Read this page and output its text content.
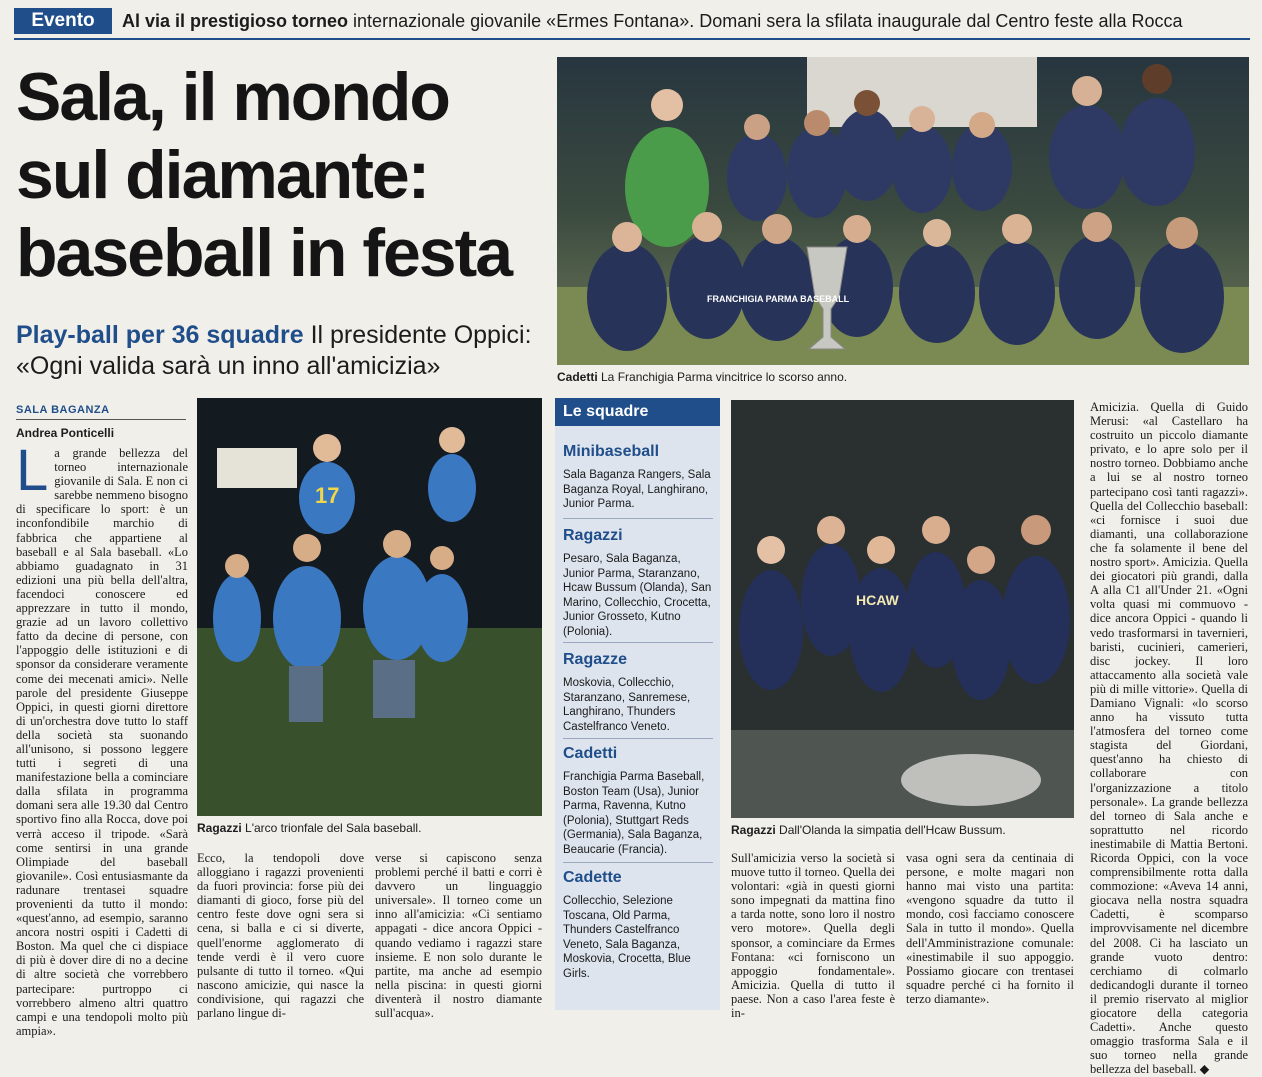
Evento	Al via il prestigioso torneo internazionale giovanile «Ermes Fontana». Domani sera la sfilata inaugurale dal Centro feste alla Rocca
Sala, il mondo
sul diamante:
baseball in festa

Play-ball per 36 squadre Il presidente Oppici: «Ogni valida sarà un inno all'amicizia»

FRANCHIGIA PARMA BASEBALL
Cadetti La Franchigia Parma vincitrice lo scorso anno.
SALA BAGANZA
Andrea Ponticelli

La grande bellezza del torneo internazionale giovanile di Sala. E non ci sarebbe nemmeno bisogno di specificare lo sport: è un inconfondibile marchio di fabbrica che appartiene al baseball e al Sala baseball. «Lo abbiamo guadagnato in 31 edizioni una più bella dell'altra, facendoci conoscere ed apprezzare in tutto il mondo, grazie ad un lavoro collettivo fatto da decine di persone, con l'appoggio delle istituzioni e di sponsor da considerare veramente come dei mecenati amici». Nelle parole del presidente Giuseppe Oppici, in questi giorni direttore di un'orchestra dove tutto lo staff della società sta suonando all'unisono, si possono leggere tutti i segreti di una manifestazione bella a cominciare dalla sfilata in programma domani sera alle 19.30 dal Centro sportivo fino alla Rocca, dove poi verrà acceso il tripode. «Sarà come sentirsi in una grande Olimpiade del baseball giovanile». Così entusiasmante da radunare trentasei squadre provenienti da tutto il mondo: «quest'anno, ad esempio, saranno ancora nostri ospiti i Cadetti di Boston. Ma quel che ci dispiace di più è dover dire di no a decine di altre società che vorrebbero partecipare: purtroppo ci vorrebbero almeno altri quattro campi e una tendopoli molto più ampia».

17
Ragazzi L'arco trionfale del Sala baseball.

Ecco, la tendopoli dove alloggiano i ragazzi provenienti da fuori provincia: forse più dei diamanti di gioco, forse più del centro feste dove ogni sera si cena, si balla e ci si diverte, quell'enorme agglomerato di tende verdi è il vero cuore pulsante di tutto il torneo. «Qui nascono amicizie, qui nasce la condivisione, qui ragazzi che parlano lingue di-

verse si capiscono senza problemi perché il batti e corri è davvero un linguaggio universale». Il torneo come un inno all'amicizia: «Ci sentiamo appagati - dice ancora Oppici - quando vediamo i ragazzi stare insieme. E non solo durante le partite, ma anche ad esempio nella piscina: in questi giorni diventerà il nostro diamante sull'acqua».

Le squadre
Minibaseball
Sala Baganza Rangers, Sala Baganza Royal, Langhirano, Junior Parma.
Ragazzi
Pesaro, Sala Baganza, Junior Parma, Staranzano, Hcaw Bussum (Olanda), San Marino, Collecchio, Crocetta, Junior Grosseto, Kutno (Polonia).
Ragazze
Moskovia, Collecchio, Staranzano, Sanremese, Langhirano, Thunders Castelfranco Veneto.
Cadetti
Franchigia Parma Baseball, Boston Team (Usa), Junior Parma, Ravenna, Kutno (Polonia), Stuttgart Reds (Germania), Sala Baganza, Beaucarie (Francia).
Cadette
Collecchio, Selezione Toscana, Old Parma, Thunders Castelfranco Veneto, Sala Baganza, Moskovia, Crocetta, Blue Girls.
HCAW
Ragazzi Dall'Olanda la simpatia dell'Hcaw Bussum.

Sull'amicizia verso la società si muove tutto il torneo. Quella dei volontari: «già in questi giorni sono impegnati da mattina fino a tarda notte, sono loro il nostro vero motore». Quella degli sponsor, a cominciare da Ermes Fontana: «ci forniscono un appoggio fondamentale». Amicizia. Quella di tutto il paese. Non a caso l'area feste è in-

vasa ogni sera da centinaia di persone, e molte magari non hanno mai visto una partita: «vengono squadre da tutto il mondo, così facciamo conoscere Sala in tutto il mondo». Quella dell'Amministrazione comunale: «inestimabile il suo appoggio. Possiamo giocare con trentasei squadre perché ci ha fornito il terzo diamante».

Amicizia. Quella di Guido Merusi: «al Castellaro ha costruito un piccolo diamante privato, e lo apre solo per il nostro torneo. Dobbiamo anche a lui se al nostro torneo partecipano così tanti ragazzi». Quella del Collecchio baseball: «ci fornisce i suoi due diamanti, una collaborazione che fa solamente il bene del nostro sport». Amicizia. Quella dei giocatori più grandi, dalla A alla C1 all'Under 21. «Ogni volta quasi mi commuovo - dice ancora Oppici - quando li vedo trasformarsi in tavernieri, baristi, cucinieri, camerieri, disc jockey. Il loro attaccamento alla società vale più di mille vittorie». Quella di Damiano Vignali: «lo scorso anno ha vissuto tutta l'atmosfera del torneo come stagista del Giordani, quest'anno ha chiesto di collaborare con l'organizzazione a titolo personale». La grande bellezza del torneo di Sala anche e soprattutto nel ricordo inestimabile di Mattia Bertoni. Ricorda Oppici, con la voce comprensibilmente rotta dalla commozione: «Aveva 14 anni, giocava nella nostra squadra Cadetti, è scomparso improvvisamente nel dicembre del 2008. Ci ha lasciato un grande vuoto dentro: cerchiamo di colmarlo dedicandogli durante il torneo il premio riservato al miglior giocatore della categoria Cadetti». Anche questo omaggio trasforma Sala e il suo torneo nella grande bellezza del baseball. ◆
